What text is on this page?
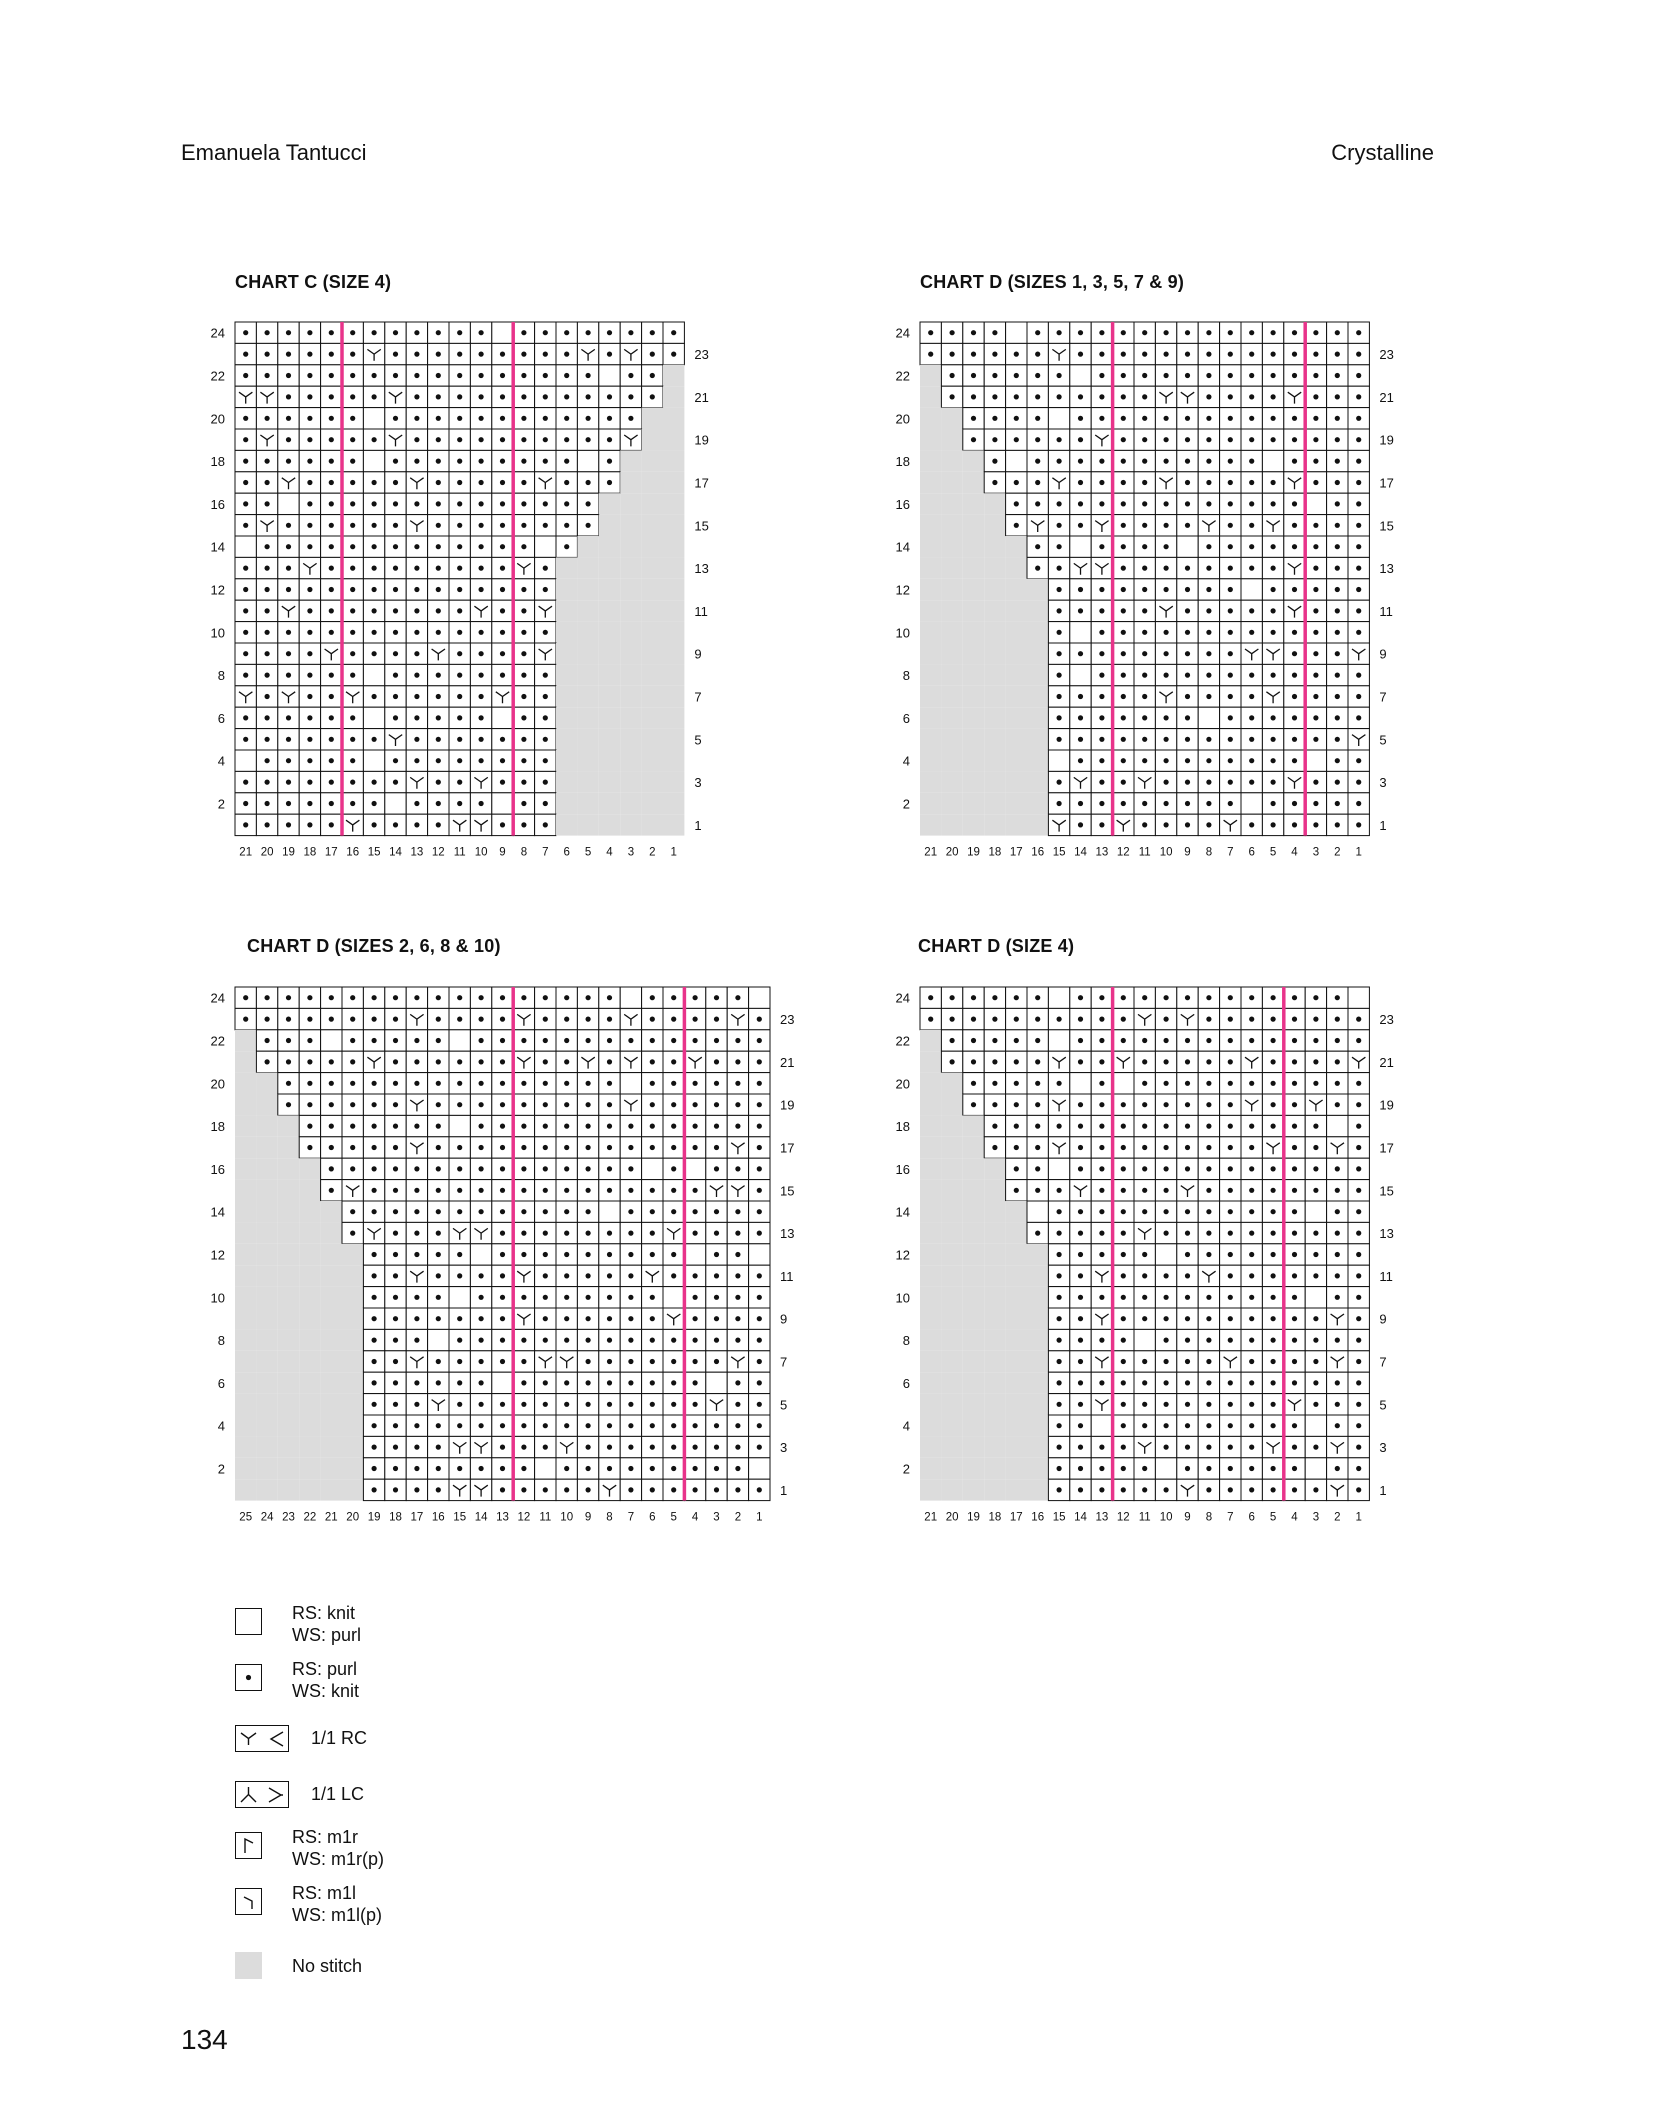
Emanuela Tantucci	Crystalline
CHART C (SIZE 4)
24
22
20
18
16
14
12
10
8
6
4
2
23
21
19
17
15
13
11
9
7
5
3
1
21 20 19 18 17 16 15 14 13 12 11 10 9 8 7 6 5 4 3 2 1
CHART D (SIZES 1, 3, 5, 7 & 9)
24
22
20
18
16
14
12
10
8
6
4
2
23
21
19
17
15
13
11
9
7
5
3
1
21 20 19 18 17 16 15 14 13 12 11 10 9 8 7 6 5 4 3 2 1
CHART D (SIZES 2, 6, 8 & 10)
24
22
20
18
16
14
12
10
8
6
4
2
23
21
19
17
15
13
11
9
7
5
3
1
25 24 23 22 21 20 19 18 17 16 15 14 13 12 11 10 9 8 7 6 5 4 3 2 1
CHART D (SIZE 4)
24
22
20
18
16
14
12
10
8
6
4
2
23
21
19
17
15
13
11
9
7
5
3
1
21 20 19 18 17 16 15 14 13 12 11 10 9 8 7 6 5 4 3 2 1
RS: knit
WS: purl
RS: purl
WS: knit
1/1 RC
1/1 LC
RS: m1r
WS: m1r(p)
RS: m1l
WS: m1l(p)
No stitch
134
